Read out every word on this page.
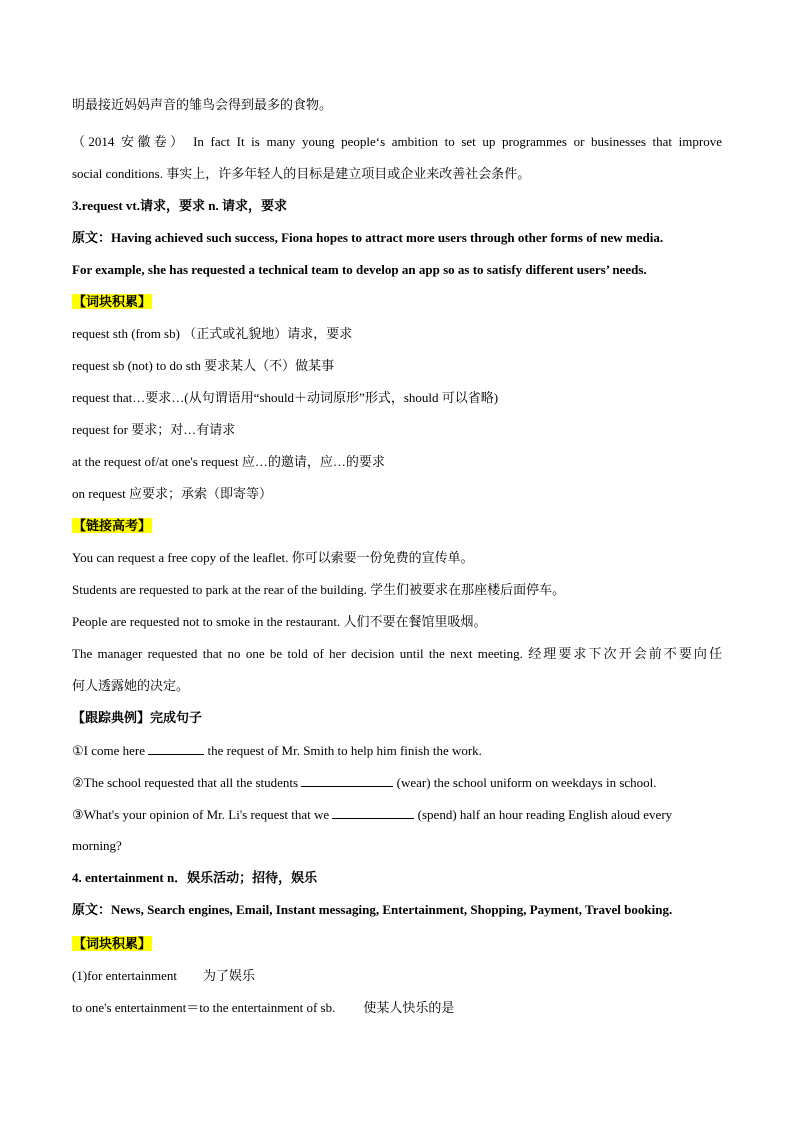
明最接近妈妈声音的雏鸟会得到最多的食物。
（2014 安徽卷） In fact It is many young people‘s ambition to set up programmes or businesses that improve
social conditions. 事实上，许多年轻人的目标是建立项目或企业来改善社会条件。
3.request vt.请求，要求 n. 请求，要求
原文：Having achieved such success, Fiona hopes to attract more users through other forms of new media.
For example, she has requested a technical team to develop an app so as to satisfy different users’ needs.
【词块积累】
request sth (from sb) （正式或礼貌地）请求，要求
request sb (not) to do sth 要求某人（不）做某事
request that…要求…(从句谓语用“should＋动词原形”形式，should 可以省略)
request for 要求；对…有请求
at the request of/at one's request 应…的邀请，应…的要求
on request 应要求；承索（即寄等）
【链接高考】
You can request a free copy of the leaflet. 你可以索要一份免费的宣传单。
Students are requested to park at the rear of the building. 学生们被要求在那座楼后面停车。
People are requested not to smoke in the restaurant. 人们不要在餐馆里吸烟。
The manager requested that no one be told of her decision until the next meeting. 经理要求下次开会前不要向任
何人透露她的决定。
【跟踪典例】完成句子
①I come here	the request of Mr. Smith to help him finish the work.
②The school requested that all the students	(wear) the school uniform on weekdays in school.
③What's your opinion of Mr. Li's request that we	(spend) half an hour reading English aloud every
morning?
4. entertainment n．娱乐活动；招待，娱乐
原文：News, Search engines, Email, Instant messaging, Entertainment, Shopping, Payment, Travel booking.
【词块积累】
(1)for entertainment 为了娱乐
to one's entertainment＝to the entertainment of sb. 使某人快乐的是
